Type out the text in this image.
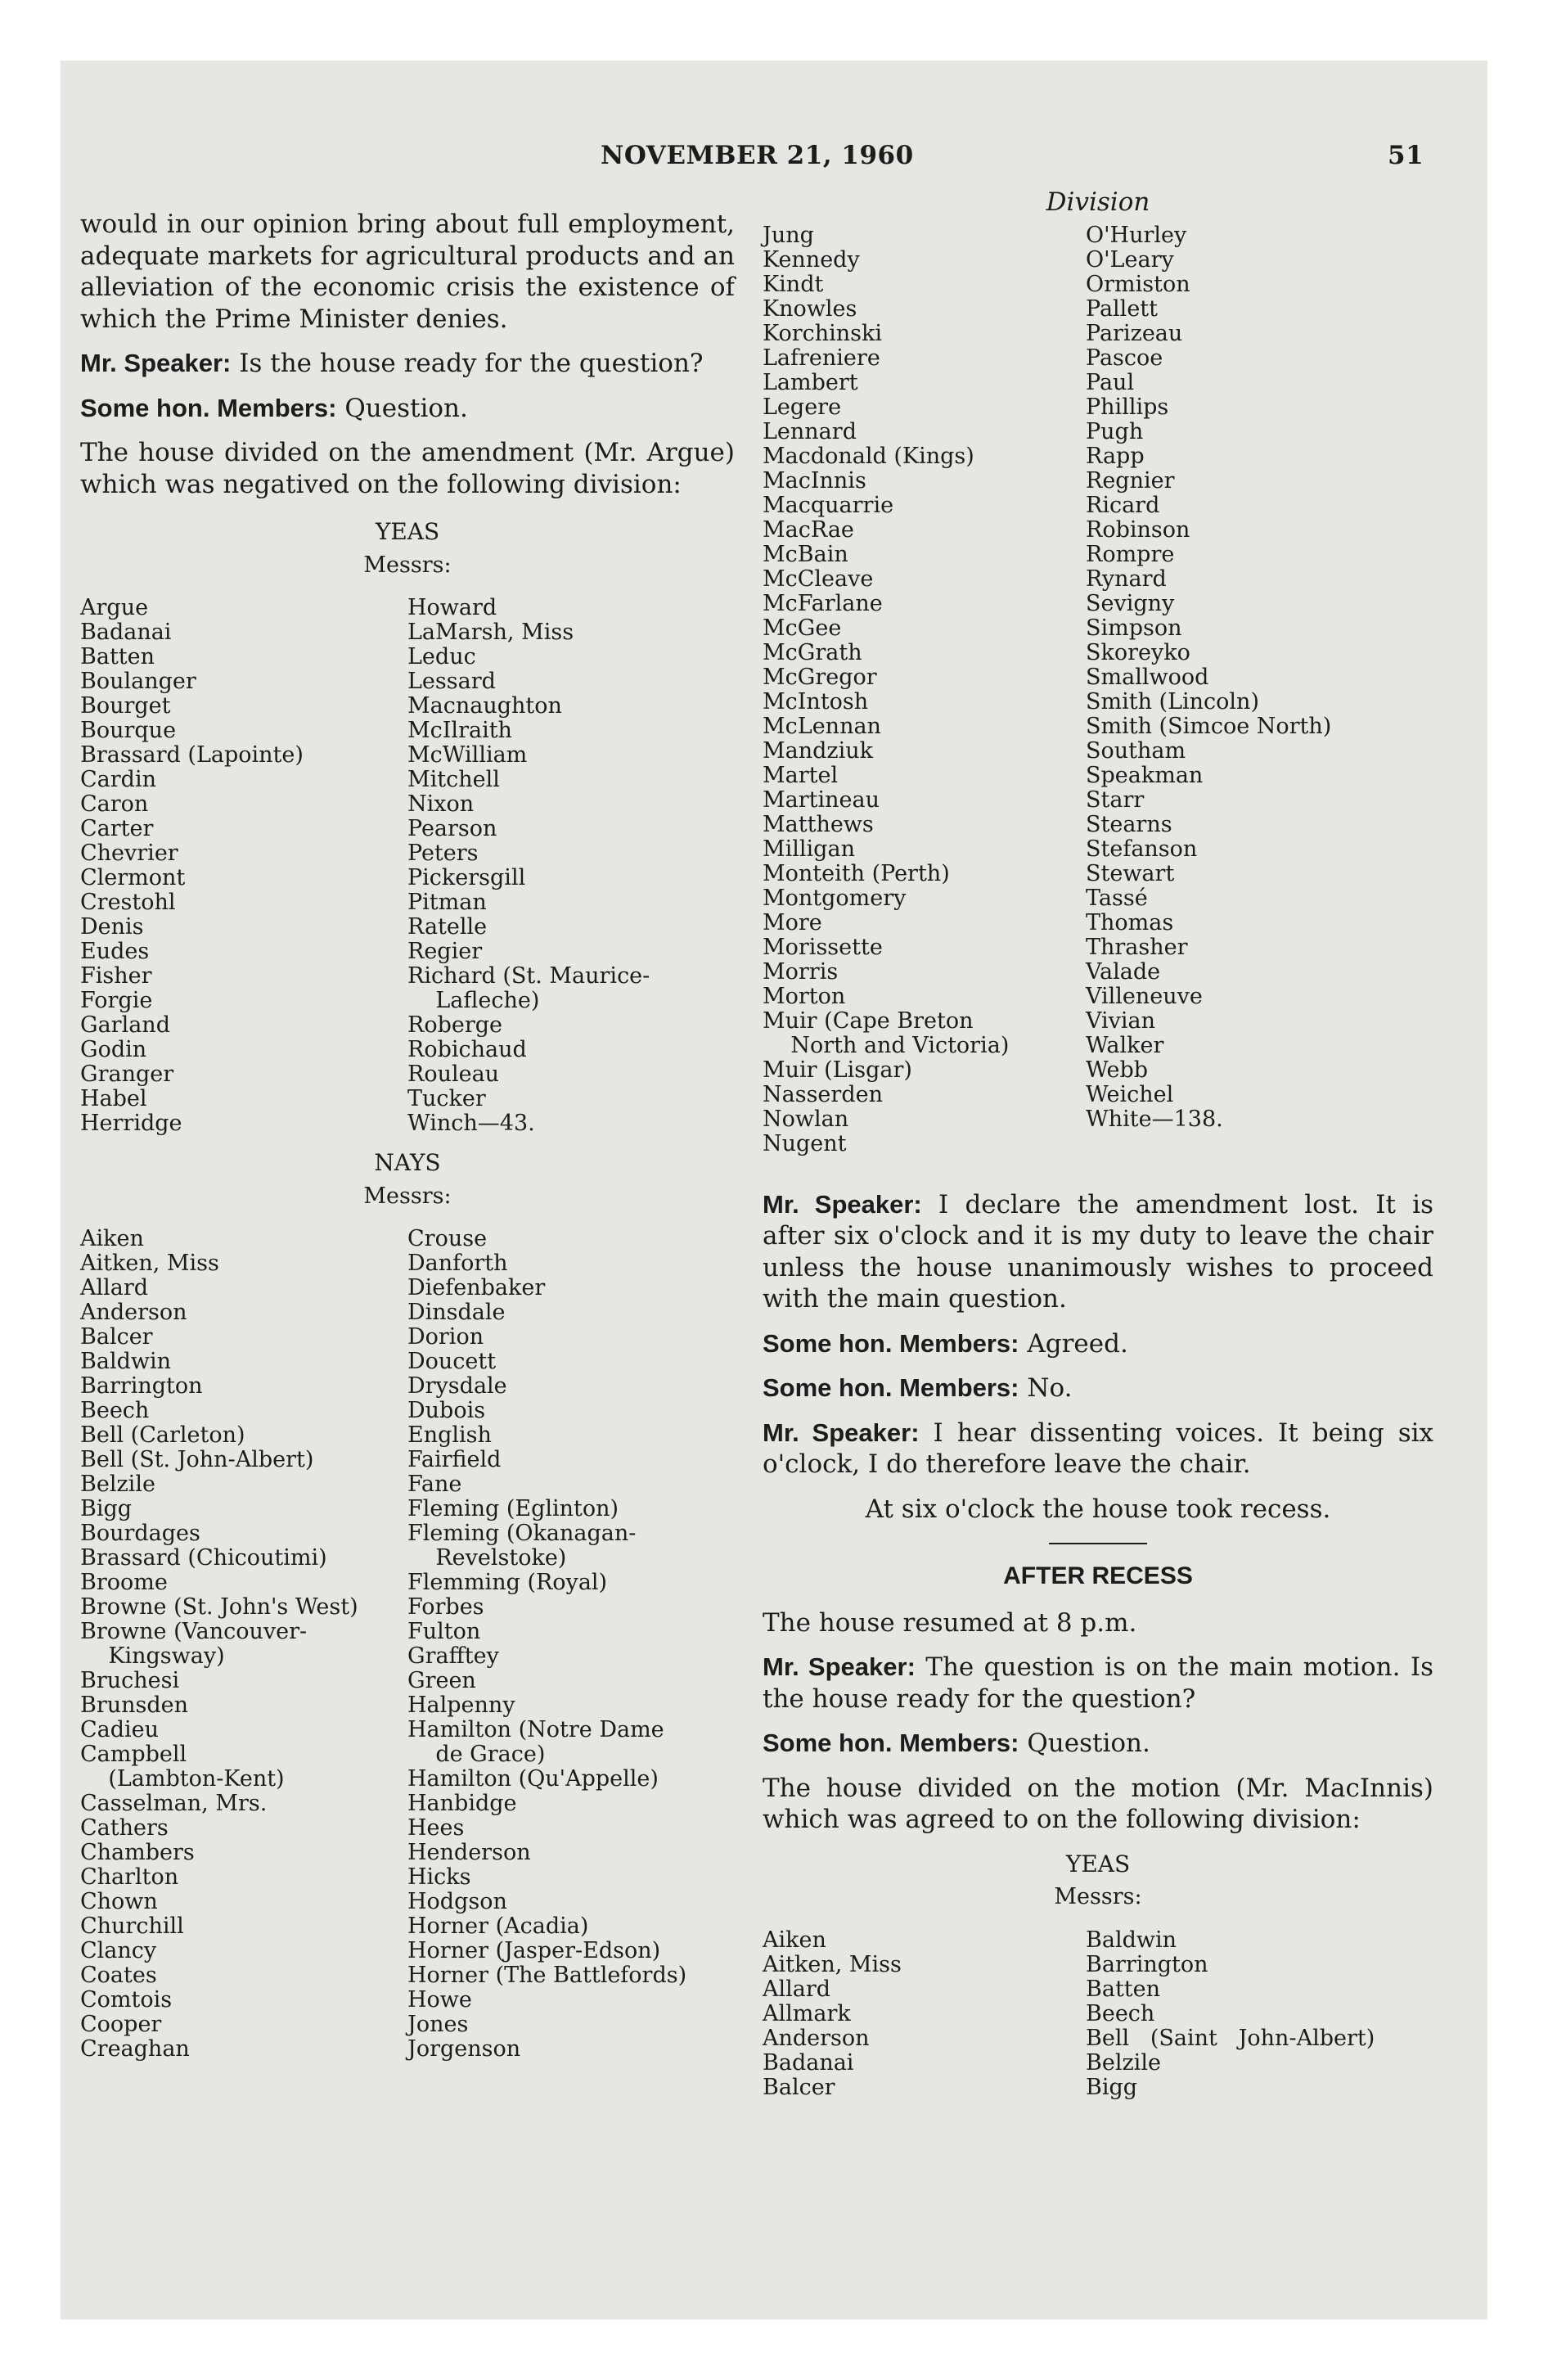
NOVEMBER 21, 1960	51

would in our opinion bring about full employment, adequate markets for agricultural products and an alleviation of the economic crisis the existence of which the Prime Minister denies.

Mr. Speaker: Is the house ready for the question?

Some hon. Members: Question.

The house divided on the amendment (Mr. Argue) which was negatived on the following division:

YEAS
Messrs:
Argue
Badanai
Batten
Boulanger
Bourget
Bourque
Brassard (Lapointe)
Cardin
Caron
Carter
Chevrier
Clermont
Crestohl
Denis
Eudes
Fisher
Forgie
Garland
Godin
Granger
Habel
Herridge
Howard
LaMarsh, Miss
Leduc
Lessard
Macnaughton
McIlraith
McWilliam
Mitchell
Nixon
Pearson
Peters
Pickersgill
Pitman
Ratelle
Regier
Richard (St. Maurice-
Lafleche)
Roberge
Robichaud
Rouleau
Tucker
Winch—43.
NAYS
Messrs:
Aiken
Aitken, Miss
Allard
Anderson
Balcer
Baldwin
Barrington
Beech
Bell (Carleton)
Bell (St. John-Albert)
Belzile
Bigg
Bourdages
Brassard (Chicoutimi)
Broome
Browne (St. John's West)
Browne (Vancouver-
Kingsway)
Bruchesi
Brunsden
Cadieu
Campbell
(Lambton-Kent)
Casselman, Mrs.
Cathers
Chambers
Charlton
Chown
Churchill
Clancy
Coates
Comtois
Cooper
Creaghan
Crouse
Danforth
Diefenbaker
Dinsdale
Dorion
Doucett
Drysdale
Dubois
English
Fairfield
Fane
Fleming (Eglinton)
Fleming (Okanagan-
Revelstoke)
Flemming (Royal)
Forbes
Fulton
Grafftey
Green
Halpenny
Hamilton (Notre Dame
de Grace)
Hamilton (Qu'Appelle)
Hanbidge
Hees
Henderson
Hicks
Hodgson
Horner (Acadia)
Horner (Jasper-Edson)
Horner (The Battlefords)
Howe
Jones
Jorgenson
Division
Jung
Kennedy
Kindt
Knowles
Korchinski
Lafreniere
Lambert
Legere
Lennard
Macdonald (Kings)
MacInnis
Macquarrie
MacRae
McBain
McCleave
McFarlane
McGee
McGrath
McGregor
McIntosh
McLennan
Mandziuk
Martel
Martineau
Matthews
Milligan
Monteith (Perth)
Montgomery
More
Morissette
Morris
Morton
Muir (Cape Breton
North and Victoria)
Muir (Lisgar)
Nasserden
Nowlan
Nugent
O'Hurley
O'Leary
Ormiston
Pallett
Parizeau
Pascoe
Paul
Phillips
Pugh
Rapp
Regnier
Ricard
Robinson
Rompre
Rynard
Sevigny
Simpson
Skoreyko
Smallwood
Smith (Lincoln)
Smith (Simcoe North)
Southam
Speakman
Starr
Stearns
Stefanson
Stewart
Tassé
Thomas
Thrasher
Valade
Villeneuve
Vivian
Walker
Webb
Weichel
White—138.

Mr. Speaker: I declare the amendment lost. It is after six o'clock and it is my duty to leave the chair unless the house unanimously wishes to proceed with the main question.

Some hon. Members: Agreed.

Some hon. Members: No.

Mr. Speaker: I hear dissenting voices. It being six o'clock, I do therefore leave the chair.

At six o'clock the house took recess.

AFTER RECESS

The house resumed at 8 p.m.

Mr. Speaker: The question is on the main motion. Is the house ready for the question?

Some hon. Members: Question.

The house divided on the motion (Mr. MacInnis) which was agreed to on the following division:

YEAS
Messrs:
Aiken
Aitken, Miss
Allard
Allmark
Anderson
Badanai
Balcer
Baldwin
Barrington
Batten
Beech
Bell   (Saint   John-Albert)
Belzile
Bigg
